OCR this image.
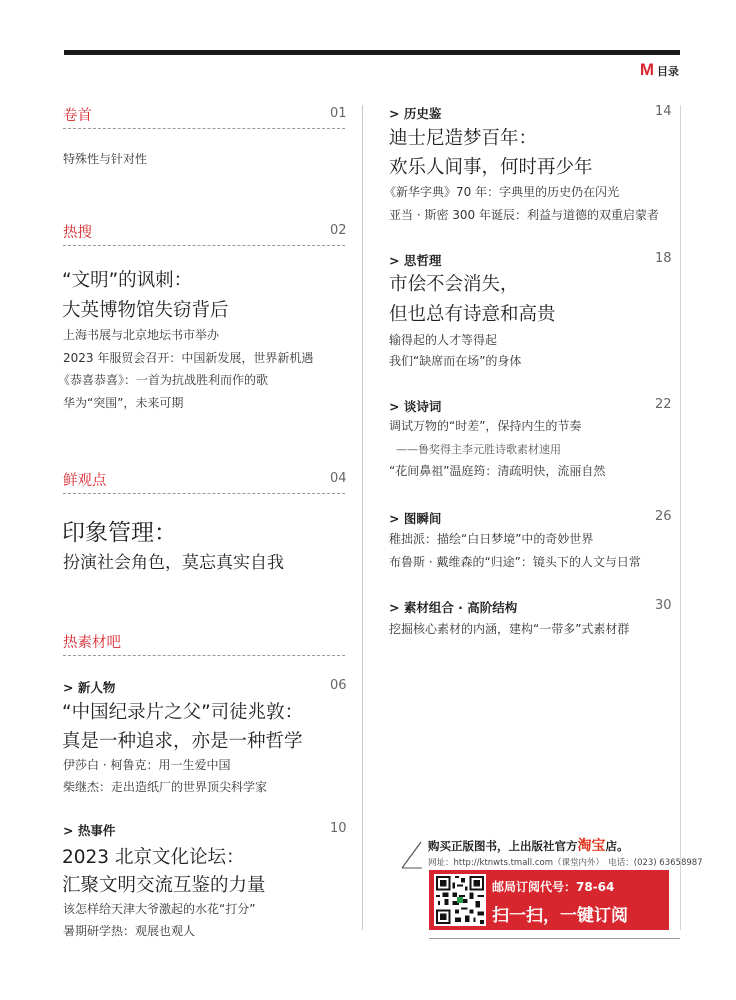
M 目录
卷首	01
特殊性与针对性
热搜	02
“文明”的讽刺：
大英博物馆失窃背后
上海书展与北京地坛书市举办
2023 年服贸会召开：中国新发展，世界新机遇
《恭喜恭喜》：一首为抗战胜利而作的歌
华为“突围”，未来可期
鲜观点	04
印象管理：
扮演社会角色，莫忘真实自我
热素材吧
> 新人物	06
“中国纪录片之父”司徒兆敦：
真是一种追求，亦是一种哲学
伊莎白 · 柯鲁克：用一生爱中国
柴继杰：走出造纸厂的世界顶尖科学家
> 热事件	10
2023 北京文化论坛：
汇聚文明交流互鉴的力量
该怎样给天津大爷激起的水花“打分”
暑期研学热：观展也观人
> 历史鉴	14
迪士尼造梦百年：
欢乐人间事，何时再少年
《新华字典》70 年：字典里的历史仍在闪光
亚当 · 斯密 300 年诞辰：利益与道德的双重启蒙者
> 思哲理	18
市侩不会消失，
但也总有诗意和高贵
输得起的人才等得起
我们“缺席而在场”的身体
> 谈诗词	22
调试万物的“时差”，保持内生的节奏
——鲁奖得主李元胜诗歌素材速用
“花间鼻祖”温庭筠：清疏明快，流丽自然
> 图瞬间	26
稚拙派：描绘“白日梦境”中的奇妙世界
布鲁斯 · 戴维森的“归途”：镜头下的人文与日常
> 素材组合 · 高阶结构	30
挖掘核心素材的内涵，建构“一带多”式素材群
购买正版图书，上出版社官方淘宝店。
网址：http://ktnwts.tmall.com（课堂内外）　电话：(023) 63658987
邮局订阅代号：78-64
扫一扫，一键订阅
